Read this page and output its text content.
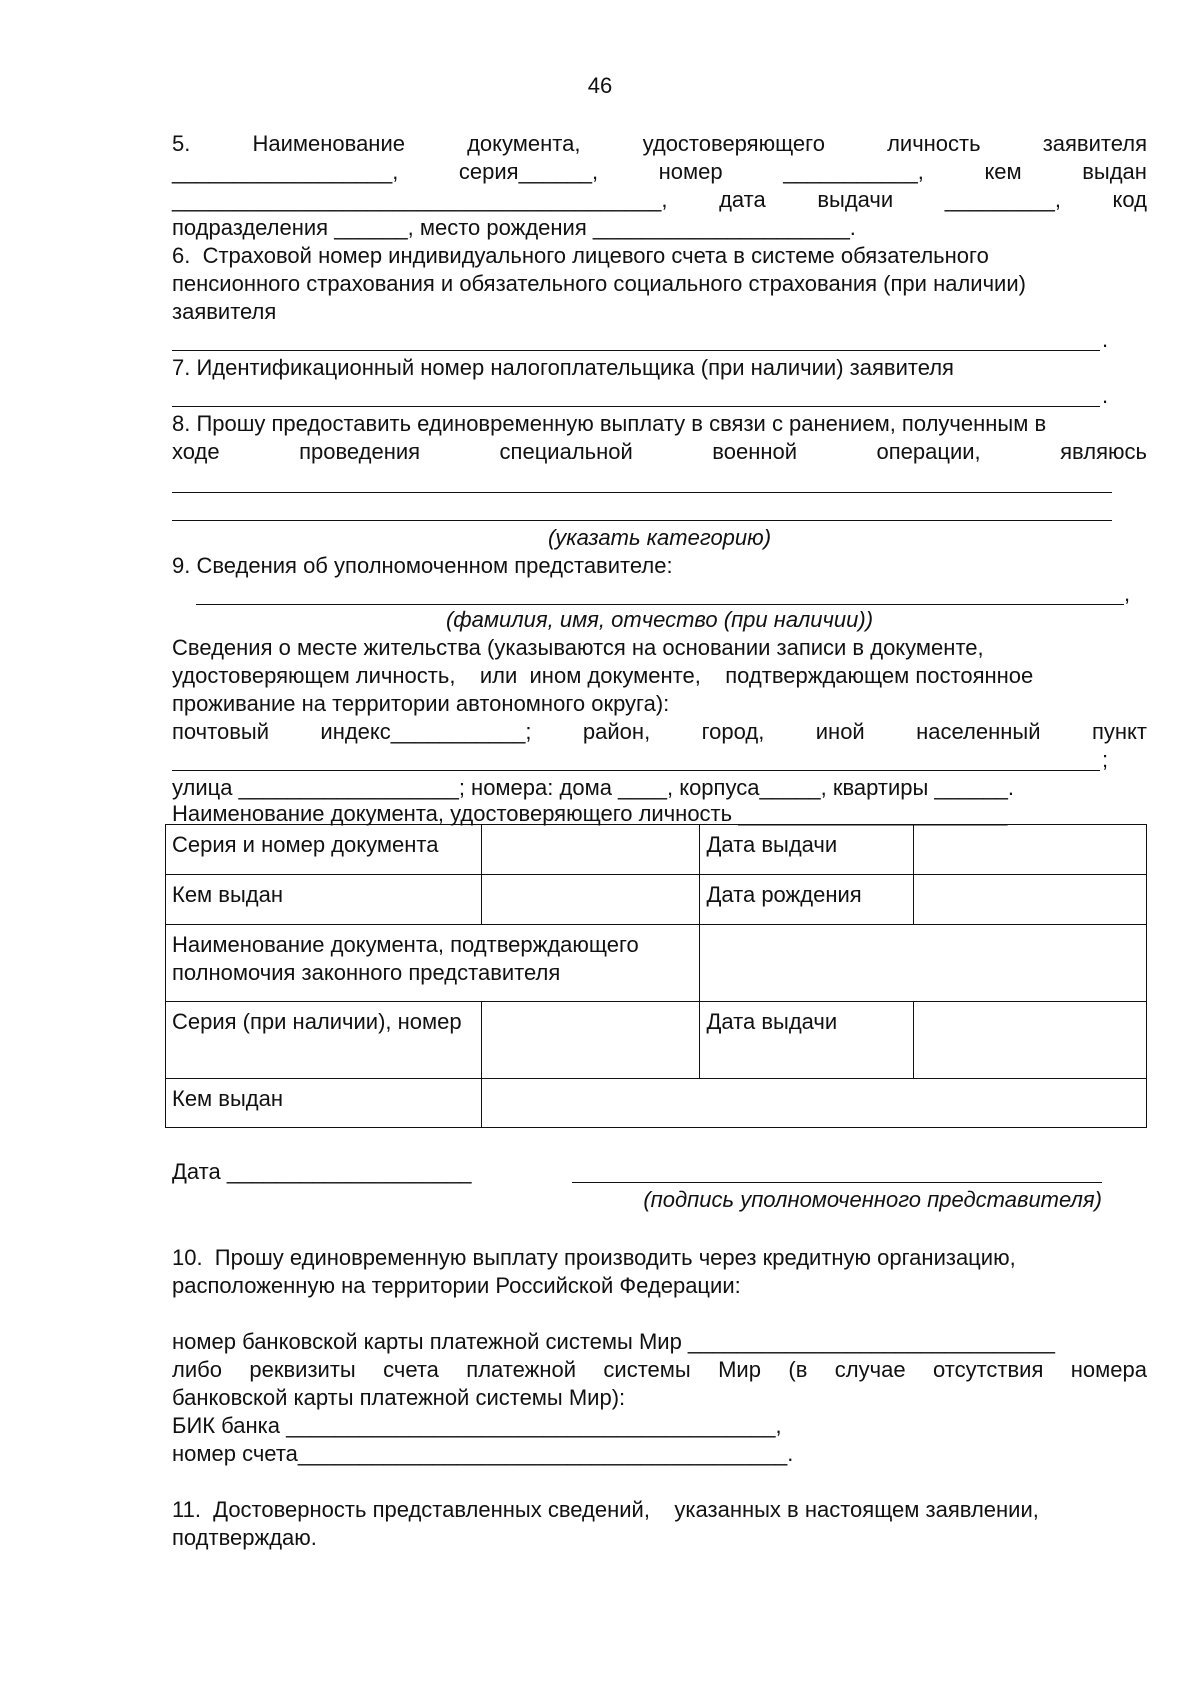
46
5.	Наименование	документа,	удостоверяющего	личность	заявителя
__________________,	серия______,	номер	___________,	кем	выдан
________________________________________, дата выдачи _________, код
подразделения ______, место рождения _____________________.
6.  Страховой номер индивидуального лицевого счета в системе обязательного
пенсионного страхования и обязательного социального страхования (при наличии)
заявителя
.
7. Идентификационный номер налогоплательщика (при наличии) заявителя
.
8. Прошу предоставить единовременную выплату в связи с ранением, полученным в
ходе	проведения	специальной	военной	операции,	являюсь
(указать категорию)
9. Сведения об уполномоченном представителе:
,
(фамилия, имя, отчество (при наличии))
Сведения о месте жительства (указываются на основании записи в документе,
удостоверяющем личность,    или  ином документе,    подтверждающем постоянное
проживание на территории автономного округа):
почтовый индекс___________; район, город, иной населенный пункт
;
улица __________________; номера: дома ____, корпуса_____, квартиры ______.
Наименование документа, удостоверяющего личность ______________________
Серия и номер документа		Дата выдачи	
Кем выдан		Дата рождения	
Наименование документа, подтверждающего полномочия законного представителя			
Серия (при наличии), номер		Дата выдачи	
Кем выдан			
Дата ____________________
(подпись уполномоченного представителя)
10.  Прошу единовременную выплату производить через кредитную организацию,
расположенную на территории Российской Федерации:
номер банковской карты платежной системы Мир ______________________________
либо реквизиты счета платежной системы Мир (в случае отсутствия номера
банковской карты платежной системы Мир):
БИК банка ________________________________________,
номер счета________________________________________.
11.  Достоверность представленных сведений,    указанных в настоящем заявлении,
подтверждаю.
